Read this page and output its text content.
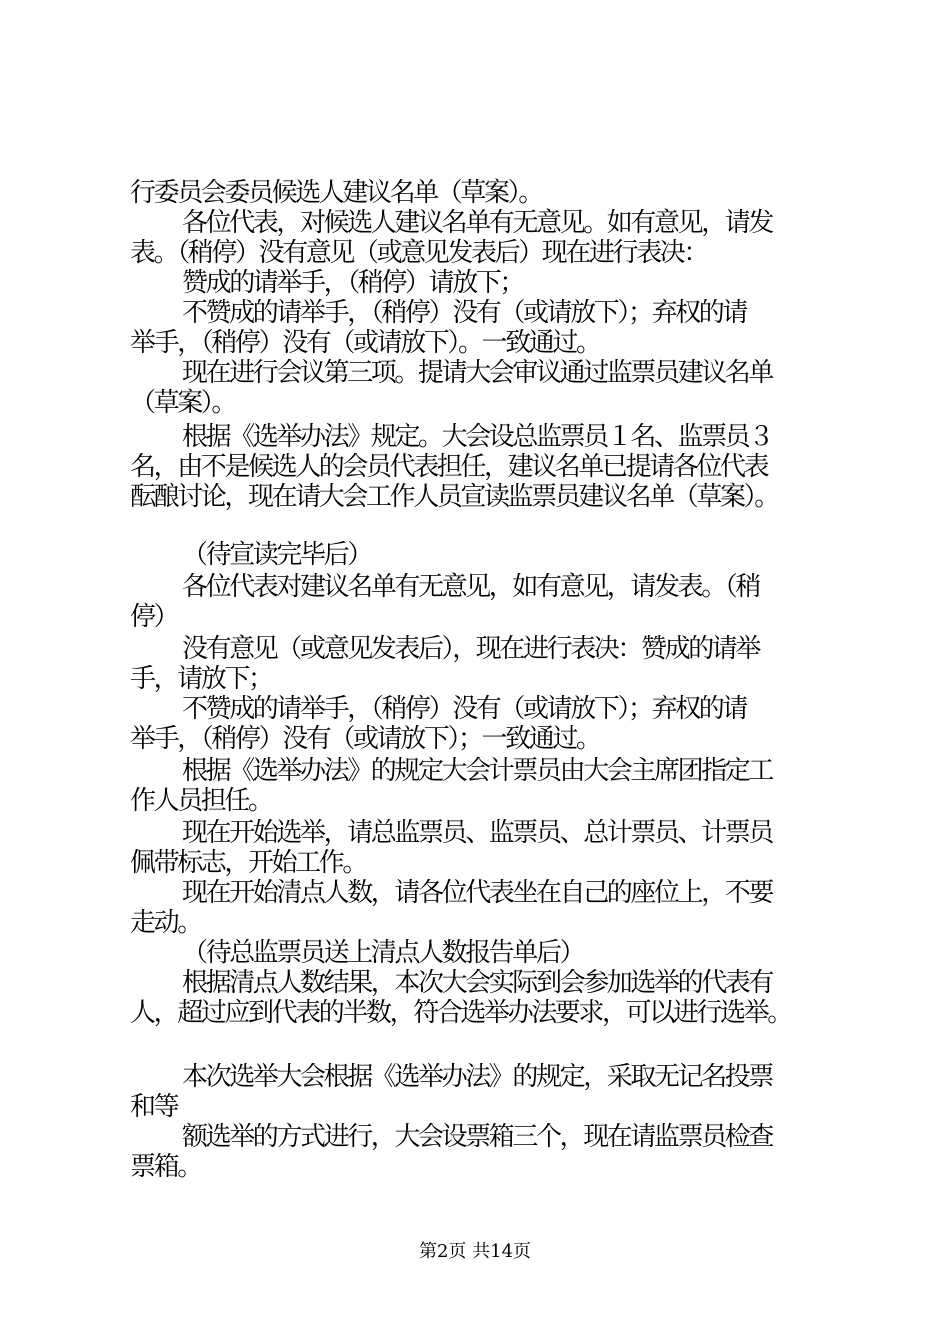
行委员会委员候选人建议名单（草案）。
各位代表，对候选人建议名单有无意见。如有意见，请发
表。（稍停）没有意见（或意见发表后）现在进行表决：
赞成的请举手，（稍停）请放下；
不赞成的请举手，（稍停）没有（或请放下）；弃权的请
举手，（稍停）没有（或请放下）。一致通过。
现在进行会议第三项。提请大会审议通过监票员建议名单
（草案）。
根据《选举办法》规定。大会设总监票员１名、监票员３
名，由不是候选人的会员代表担任，建议名单已提请各位代表
酝酿讨论，现在请大会工作人员宣读监票员建议名单（草案）。
（待宣读完毕后）
各位代表对建议名单有无意见，如有意见，请发表。（稍
停）
没有意见（或意见发表后），现在进行表决：赞成的请举
手，请放下；
不赞成的请举手，（稍停）没有（或请放下）；弃权的请
举手，（稍停）没有（或请放下）；一致通过。
根据《选举办法》的规定大会计票员由大会主席团指定工
作人员担任。
现在开始选举，请总监票员、监票员、总计票员、计票员
佩带标志，开始工作。
现在开始清点人数，请各位代表坐在自己的座位上，不要
走动。
（待总监票员送上清点人数报告单后）
根据清点人数结果，本次大会实际到会参加选举的代表有
人，超过应到代表的半数，符合选举办法要求，可以进行选举。
本次选举大会根据《选举办法》的规定，采取无记名投票
和等
额选举的方式进行，大会设票箱三个，现在请监票员检查
票箱。
第2页 共14页
